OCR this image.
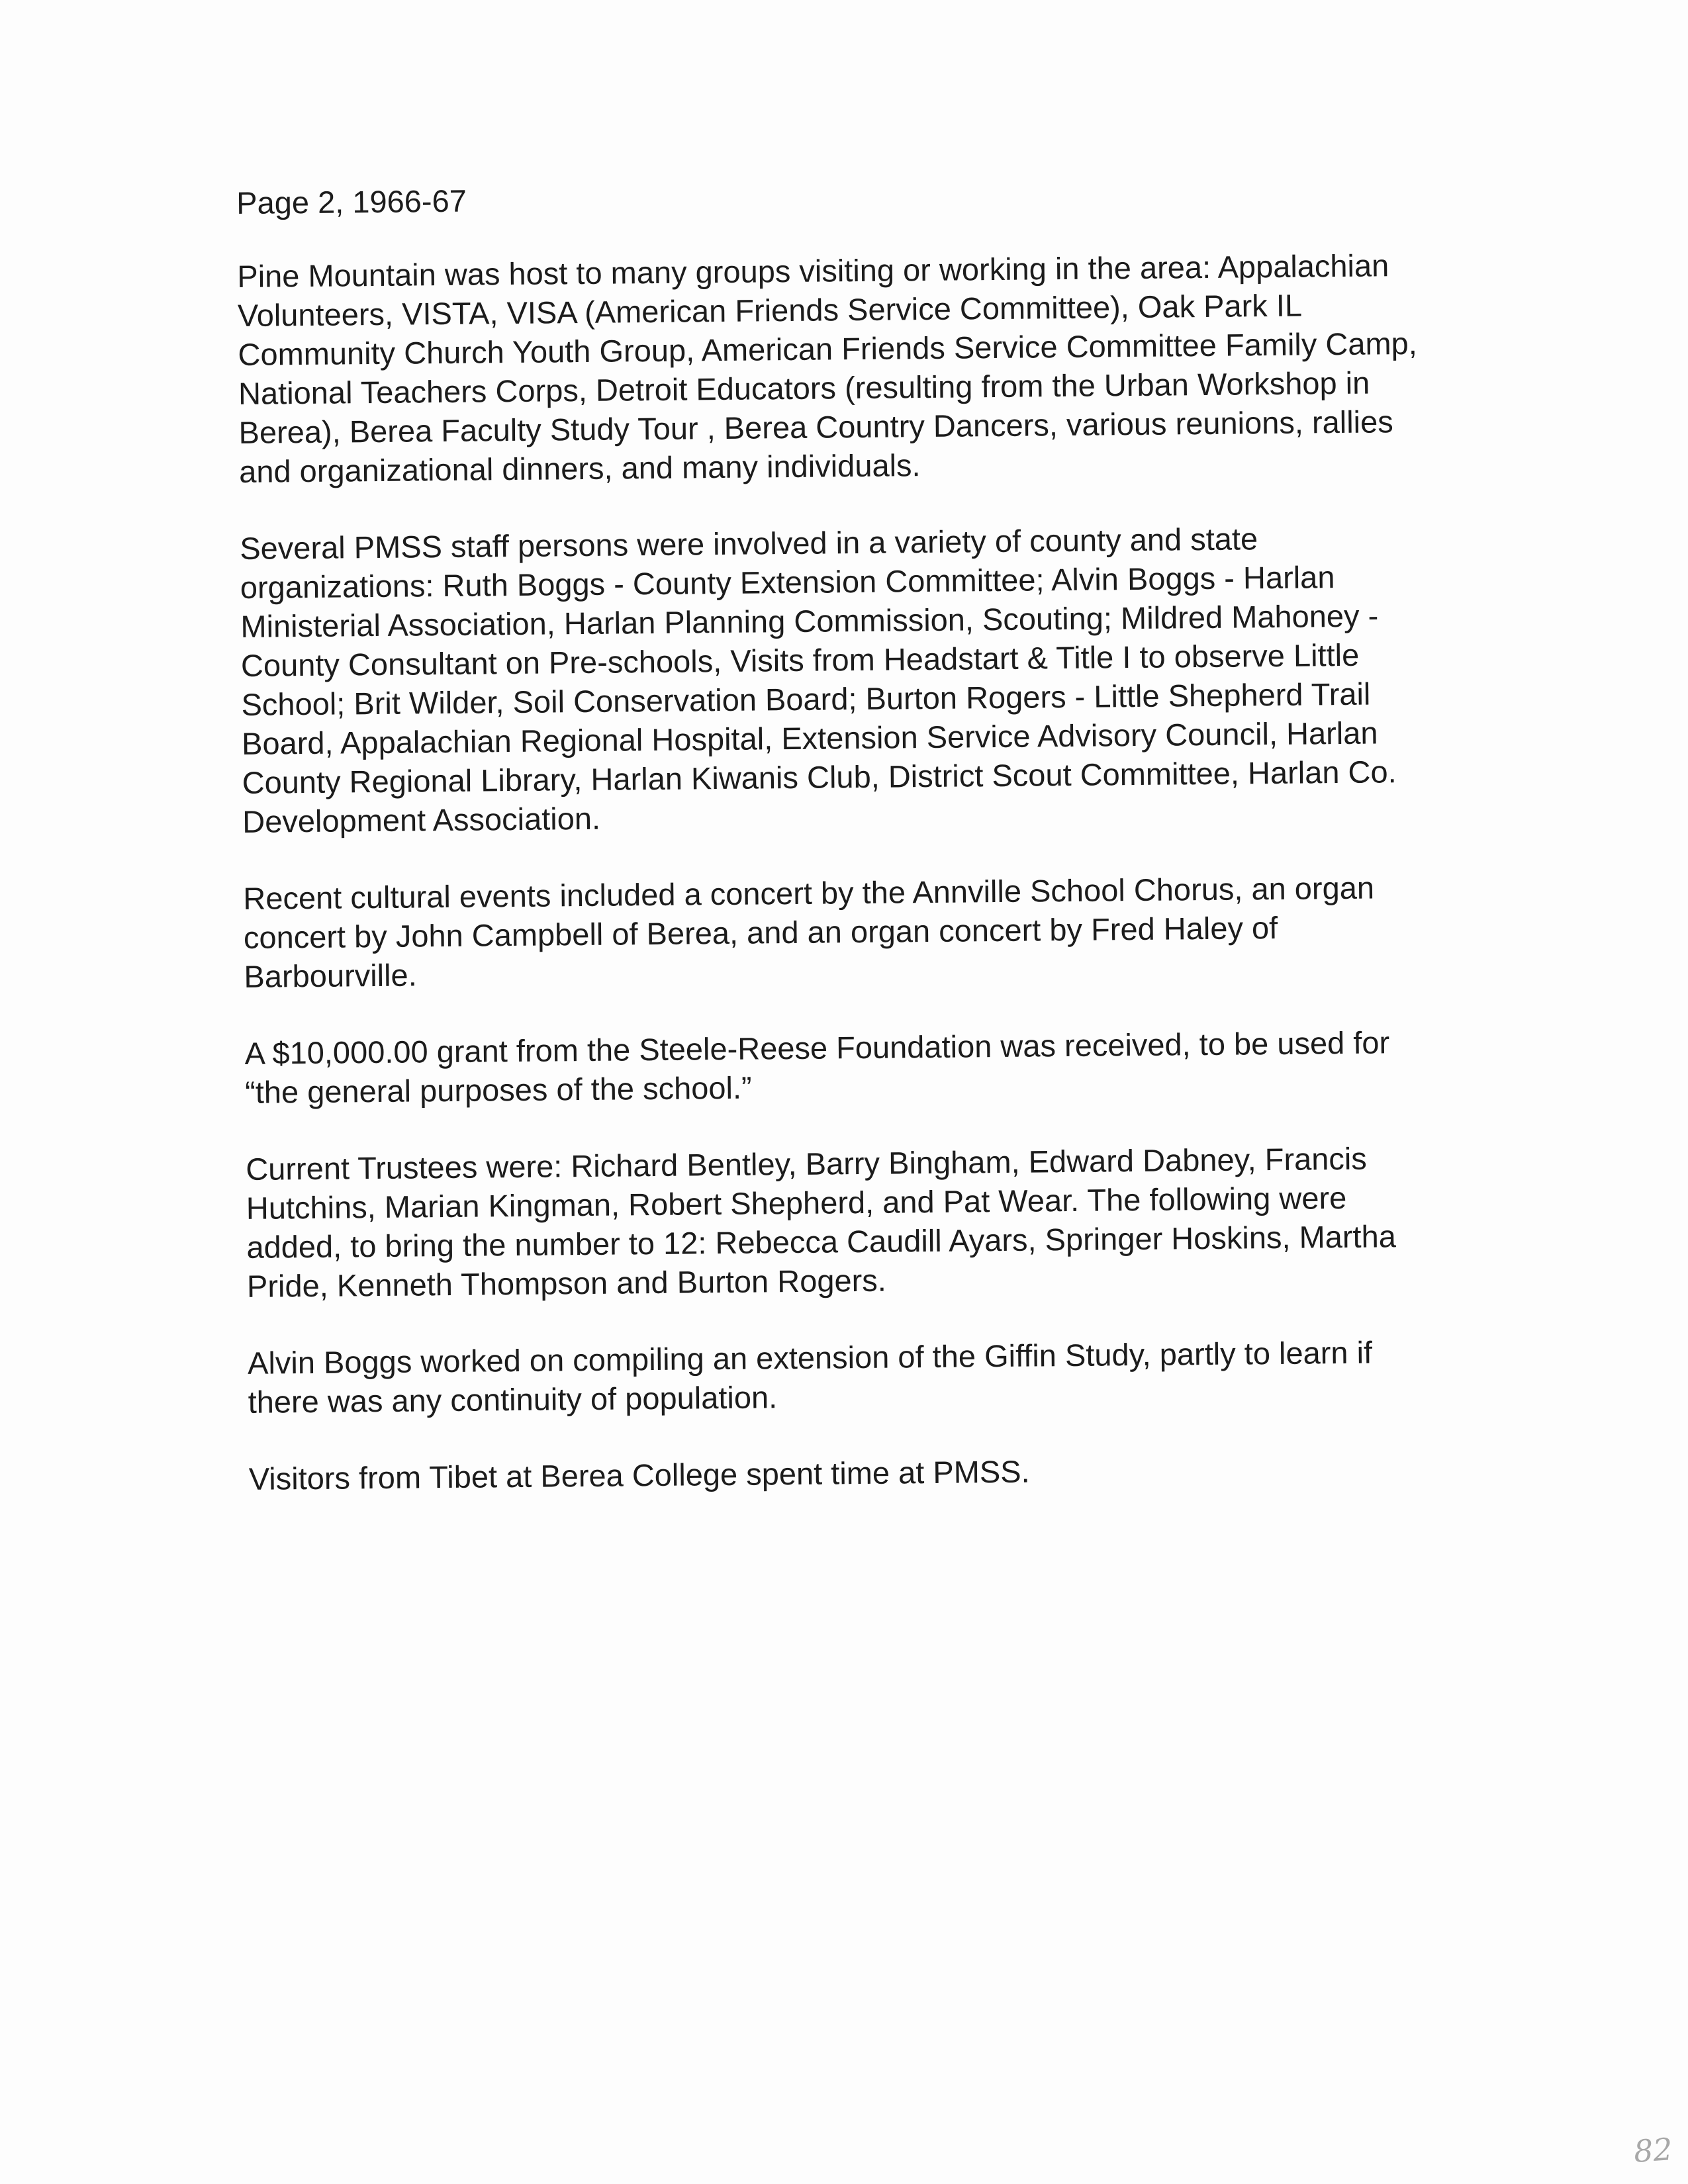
Page 2, 1966-67
Pine Mountain was host to many groups visiting or working in the area: Appalachian
Volunteers, VISTA, VISA (American Friends Service Committee), Oak Park IL
Community Church Youth Group, American Friends Service Committee Family Camp,
National Teachers Corps, Detroit Educators (resulting from the Urban Workshop in
Berea), Berea Faculty Study Tour , Berea Country Dancers, various reunions, rallies
and organizational dinners, and many individuals.
Several PMSS staff persons were involved in a variety of county and state
organizations: Ruth Boggs - County Extension Committee; Alvin Boggs - Harlan
Ministerial Association, Harlan Planning Commission, Scouting; Mildred Mahoney -
County Consultant on Pre-schools, Visits from Headstart & Title I to observe Little
School; Brit Wilder, Soil Conservation Board; Burton Rogers - Little Shepherd Trail
Board, Appalachian Regional Hospital, Extension Service Advisory Council, Harlan
County Regional Library, Harlan Kiwanis Club, District Scout Committee, Harlan Co.
Development Association.
Recent cultural events included a concert by the Annville School Chorus, an organ
concert by John Campbell of Berea, and an organ concert by Fred Haley of
Barbourville.
A $10,000.00 grant from the Steele-Reese Foundation was received, to be used for
“the general purposes of the school.”
Current Trustees were: Richard Bentley, Barry Bingham, Edward Dabney, Francis
Hutchins, Marian Kingman, Robert Shepherd, and Pat Wear. The following were
added, to bring the number to 12: Rebecca Caudill Ayars, Springer Hoskins, Martha
Pride, Kenneth Thompson and Burton Rogers.
Alvin Boggs worked on compiling an extension of the Giffin Study, partly to learn if
there was any continuity of population.
Visitors from Tibet at Berea College spent time at PMSS.
82
